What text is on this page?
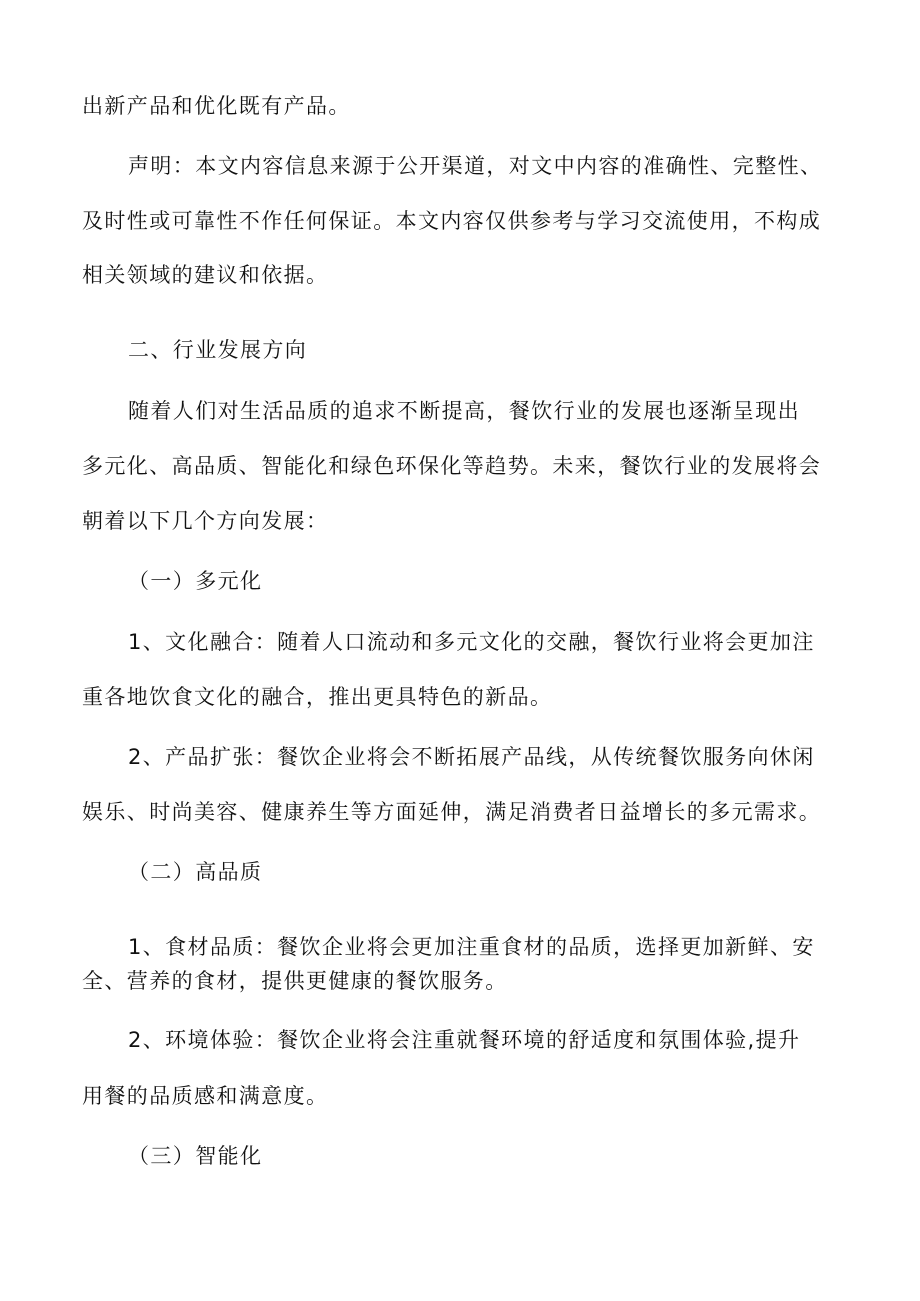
出新产品和优化既有产品。
声明：本文内容信息来源于公开渠道，对文中内容的准确性、完整性、
及时性或可靠性不作任何保证。本文内容仅供参考与学习交流使用，不构成
相关领域的建议和依据。
二、行业发展方向
随着人们对生活品质的追求不断提高，餐饮行业的发展也逐渐呈现出
多元化、高品质、智能化和绿色环保化等趋势。未来，餐饮行业的发展将会
朝着以下几个方向发展：
（一）多元化
1、文化融合：随着人口流动和多元文化的交融，餐饮行业将会更加注
重各地饮食文化的融合，推出更具特色的新品。
2、产品扩张：餐饮企业将会不断拓展产品线，从传统餐饮服务向休闲
娱乐、时尚美容、健康养生等方面延伸，满足消费者日益增长的多元需求。
（二）高品质
1、食材品质：餐饮企业将会更加注重食材的品质，选择更加新鲜、安
全、营养的食材，提供更健康的餐饮服务。
2、环境体验：餐饮企业将会注重就餐环境的舒适度和氛围体验,提升
用餐的品质感和满意度。
（三）智能化
